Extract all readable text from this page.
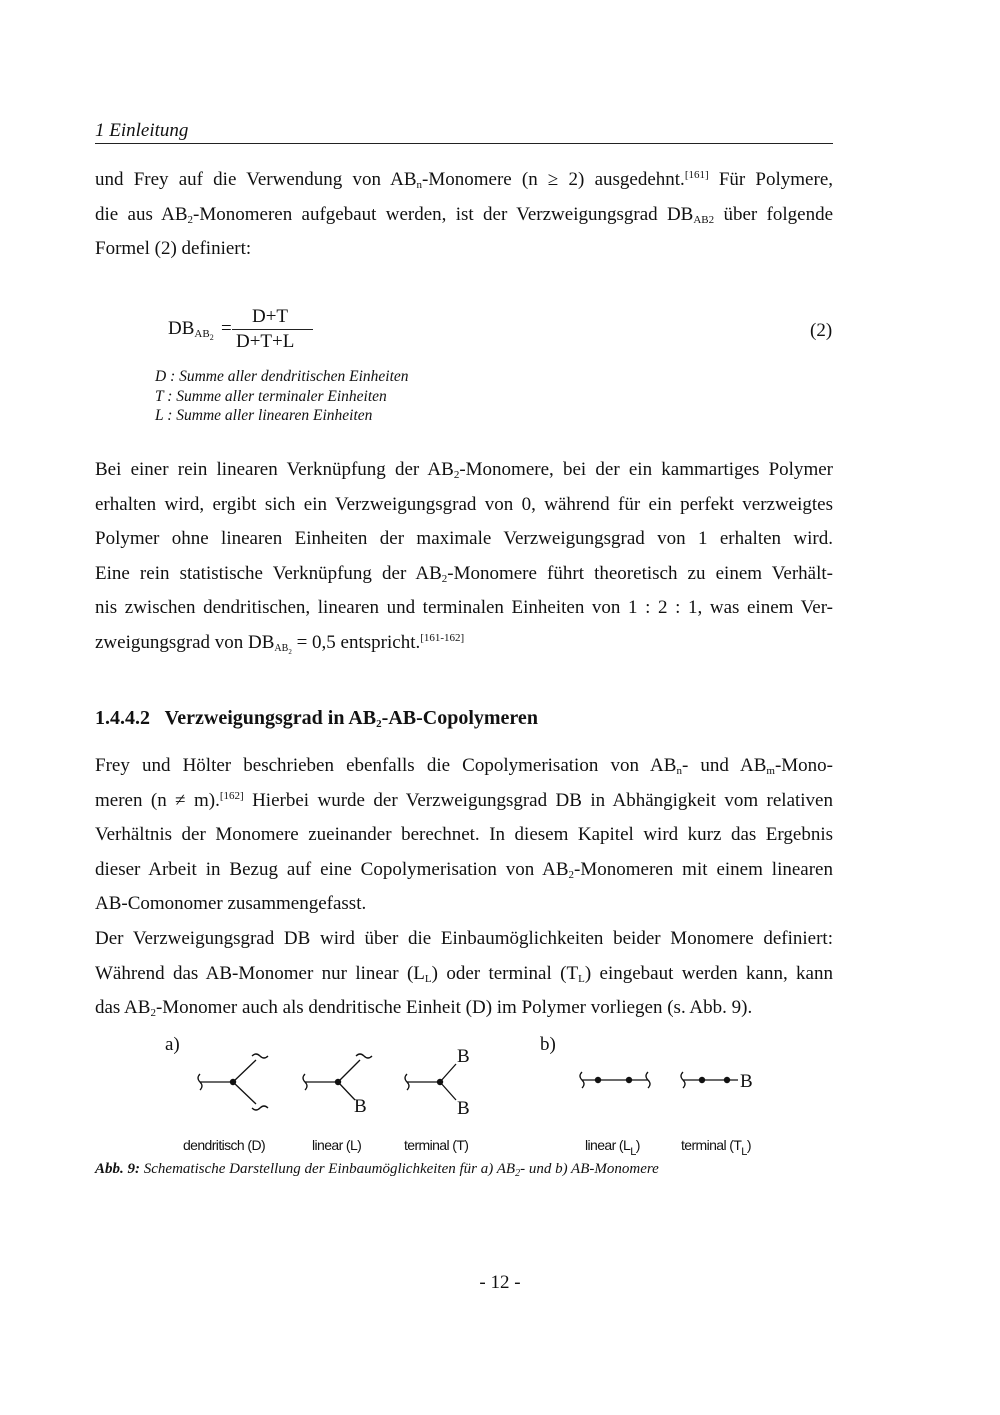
1 Einleitung
und Frey auf die Verwendung von $AB_n$-Monomere (n ≥ 2) ausgedehnt.[161] Für Polymere,
die aus $AB_2$-Monomeren aufgebaut werden, ist der Verzweigungsgrad $DB_{AB2}$ über folgende
Formel (2) definiert:
$DB_{AB_2}$ =
D+T
D+T+L
(2)
D : Summe aller dendritischen Einheiten
T : Summe aller terminaler Einheiten
L : Summe aller linearen Einheiten
Bei einer rein linearen Verknüpfung der $AB_2$-Monomere, bei der ein kammartiges Polymer
erhalten wird, ergibt sich ein Verzweigungsgrad von 0, während für ein perfekt verzweigtes
Polymer ohne linearen Einheiten der maximale Verzweigungsgrad von 1 erhalten wird.
Eine rein statistische Verknüpfung der $AB_2$-Monomere führt theoretisch zu einem Verhält-
nis zwischen dendritischen, linearen und terminalen Einheiten von 1 : 2 : 1, was einem Ver-
zweigungsgrad von $DB_{AB_2} = 0,5$ entspricht.[161-162]
1.4.4.2   Verzweigungsgrad in $AB_2-AB$-Copolymeren
Frey und Hölter beschrieben ebenfalls die Copolymerisation von $AB_n-$ und $AB_m-Mono-$
meren (n ≠ m).[162] Hierbei wurde der Verzweigungsgrad DB in Abhängigkeit vom relativen
Verhältnis der Monomere zueinander berechnet. In diesem Kapitel wird kurz das Ergebnis
dieser Arbeit in Bezug auf eine Copolymerisation von $AB_2$-Monomeren mit einem linearen
AB-Comonomer zusammengefasst.
Der Verzweigungsgrad DB wird über die Einbaumöglichkeiten beider Monomere definiert:
Während das AB-Monomer nur linear $(L_L)$ oder terminal $(T_L)$ eingebaut werden kann, kann
das $AB_2$-Monomer auch als dendritische Einheit (D) im Polymer vorliegen (s. Abb. 9).
a)	b)
B
B
B
B
dendritisch (D)	linear (L)	terminal (T)	linear $(L_L)$	terminal $(T_L)$
Abb. 9: Schematische Darstellung der Einbaumöglichkeiten für a) $AB_2-$ und b) AB-Monomere
- 12 -
